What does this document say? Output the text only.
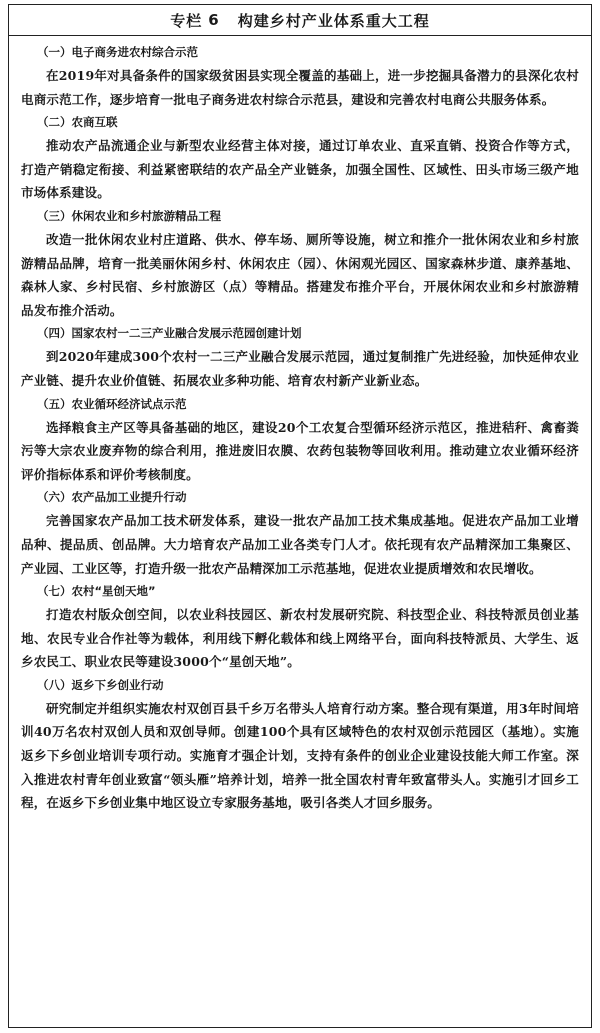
专栏 6 构建乡村产业体系重大工程
（一）电子商务进农村综合示范

在2019年对具备条件的国家级贫困县实现全覆盖的基础上，进一步挖掘具备潜力的县深化农村电商示范工作，逐步培育一批电子商务进农村综合示范县，建设和完善农村电商公共服务体系。

（二）农商互联

推动农产品流通企业与新型农业经营主体对接，通过订单农业、直采直销、投资合作等方式，打造产销稳定衔接、利益紧密联结的农产品全产业链条，加强全国性、区域性、田头市场三级产地市场体系建设。

（三）休闲农业和乡村旅游精品工程

改造一批休闲农业村庄道路、供水、停车场、厕所等设施，树立和推介一批休闲农业和乡村旅游精品品牌，培育一批美丽休闲乡村、休闲农庄（园）、休闲观光园区、国家森林步道、康养基地、森林人家、乡村民宿、乡村旅游区（点）等精品。搭建发布推介平台，开展休闲农业和乡村旅游精品发布推介活动。

（四）国家农村一二三产业融合发展示范园创建计划

到2020年建成300个农村一二三产业融合发展示范园，通过复制推广先进经验，加快延伸农业产业链、提升农业价值链、拓展农业多种功能、培育农村新产业新业态。

（五）农业循环经济试点示范

选择粮食主产区等具备基础的地区，建设20个工农复合型循环经济示范区，推进秸秆、禽畜粪污等大宗农业废弃物的综合利用，推进废旧农膜、农药包装物等回收利用。推动建立农业循环经济评价指标体系和评价考核制度。

（六）农产品加工业提升行动

完善国家农产品加工技术研发体系，建设一批农产品加工技术集成基地。促进农产品加工业增品种、提品质、创品牌。大力培育农产品加工业各类专门人才。依托现有农产品精深加工集聚区、产业园、工业区等，打造升级一批农产品精深加工示范基地，促进农业提质增效和农民增收。

（七）农村“星创天地”

打造农村版众创空间，以农业科技园区、新农村发展研究院、科技型企业、科技特派员创业基地、农民专业合作社等为载体，利用线下孵化载体和线上网络平台，面向科技特派员、大学生、返乡农民工、职业农民等建设3000个“星创天地”。

（八）返乡下乡创业行动

研究制定并组织实施农村双创百县千乡万名带头人培育行动方案。整合现有渠道，用3年时间培训40万名农村双创人员和双创导师。创建100个具有区域特色的农村双创示范园区（基地）。实施返乡下乡创业培训专项行动。实施育才强企计划，支持有条件的创业企业建设技能大师工作室。深入推进农村青年创业致富“领头雁”培养计划，培养一批全国农村青年致富带头人。实施引才回乡工程，在返乡下乡创业集中地区设立专家服务基地，吸引各类人才回乡服务。
